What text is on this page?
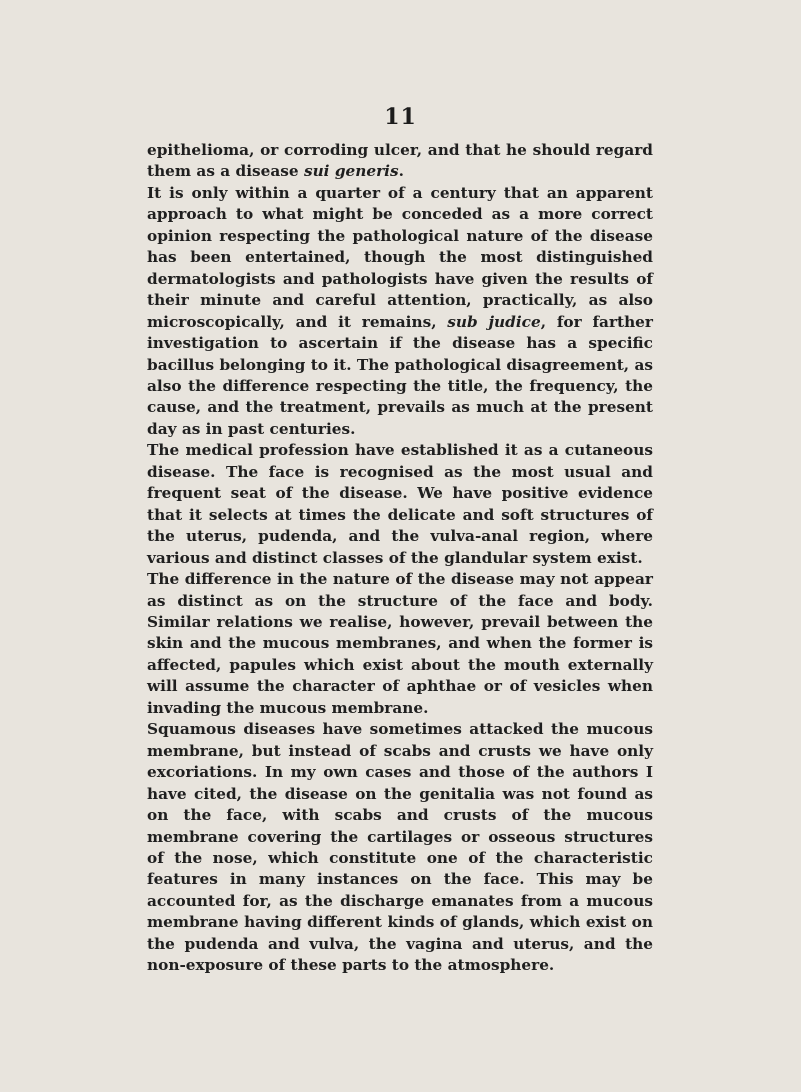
11

epithelioma, or corroding ulcer, and that he should regard them as a disease sui generis.

It is only within a quarter of a century that an apparent approach to what might be conceded as a more correct opinion respecting the pathological nature of the disease has been entertained, though the most distinguished dermatologists and pathologists have given the results of their minute and careful attention, practically, as also microscopically, and it remains, sub judice, for farther investigation to ascertain if the disease has a specific bacillus belonging to it. The pathological disagreement, as also the difference respecting the title, the frequency, the cause, and the treatment, prevails as much at the present day as in past centuries.

The medical profession have established it as a cutaneous disease. The face is recognised as the most usual and frequent seat of the disease. We have positive evidence that it selects at times the delicate and soft structures of the uterus, pudenda, and the vulva-anal region, where various and distinct classes of the glandular system exist.

The difference in the nature of the disease may not appear as distinct as on the structure of the face and body. Similar relations we realise, however, prevail between the skin and the mucous membranes, and when the former is affected, papules which exist about the mouth externally will assume the character of aphthae or of vesicles when invading the mucous membrane.

Squamous diseases have sometimes attacked the mucous membrane, but instead of scabs and crusts we have only excoriations. In my own cases and those of the authors I have cited, the disease on the genitalia was not found as on the face, with scabs and crusts of the mucous membrane covering the cartilages or osseous structures of the nose, which constitute one of the characteristic features in many instances on the face. This may be accounted for, as the discharge emanates from a mucous membrane having different kinds of glands, which exist on the pudenda and vulva, the vagina and uterus, and the non-exposure of these parts to the atmosphere.
